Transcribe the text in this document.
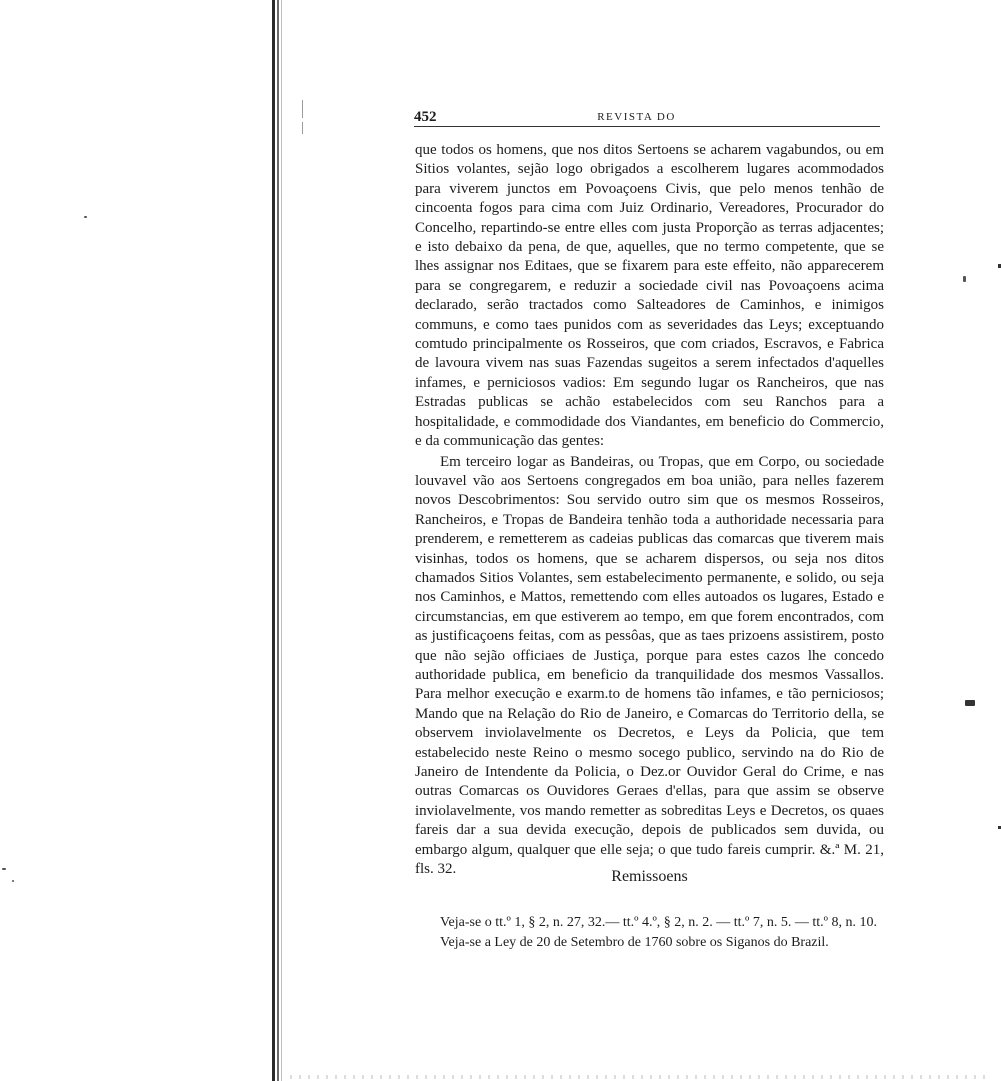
452	REVISTA DO

que todos os homens, que nos ditos Sertoens se acharem vagabundos, ou em Sitios volantes, sejão logo obrigados a escolherem lugares acommodados para viverem junctos em Povoaçoens Civis, que pelo menos tenhão de cincoenta fogos para cima com Juiz Ordinario, Vereadores, Procurador do Concelho, repartindo-se entre elles com justa Proporção as terras adjacentes; e isto debaixo da pena, de que, aquelles, que no termo competente, que se lhes assignar nos Editaes, que se fixarem para este effeito, não apparecerem para se congregarem, e reduzir a sociedade civil nas Povoaçoens acima declarado, serão tractados como Salteadores de Caminhos, e inimigos communs, e como taes punidos com as severidades das Leys; exceptuando comtudo principalmente os Rosseiros, que com criados, Escravos, e Fabrica de lavoura vivem nas suas Fazendas sugeitos a serem infectados d'aquelles infames, e perniciosos vadios: Em segundo lugar os Rancheiros, que nas Estradas publicas se achão estabelecidos com seu Ranchos para a hospitalidade, e commodidade dos Viandantes, em beneficio do Commercio, e da communicação das gentes:

Em terceiro logar as Bandeiras, ou Tropas, que em Corpo, ou sociedade louvavel vão aos Sertoens congregados em boa união, para nelles fazerem novos Descobrimentos: Sou servido outro sim que os mesmos Rosseiros, Rancheiros, e Tropas de Bandeira tenhão toda a authoridade necessaria para prenderem, e remetterem as cadeias publicas das comarcas que tiverem mais visinhas, todos os homens, que se acharem dispersos, ou seja nos ditos chamados Sitios Volantes, sem estabelecimento permanente, e solido, ou seja nos Caminhos, e Mattos, remettendo com elles autoados os lugares, Estado e circumstancias, em que estiverem ao tempo, em que forem encontrados, com as justificaçoens feitas, com as pessôas, que as taes prizoens assistirem, posto que não sejão officiaes de Justiça, porque para estes cazos lhe concedo authoridade publica, em beneficio da tranquilidade dos mesmos Vassallos. Para melhor execução e exarm.to de homens tão infames, e tão perniciosos; Mando que na Relação do Rio de Janeiro, e Comarcas do Territorio della, se observem inviolavelmente os Decretos, e Leys da Policia, que tem estabelecido neste Reino o mesmo socego publico, servindo na do Rio de Janeiro de Intendente da Policia, o Dez.or Ouvidor Geral do Crime, e nas outras Comarcas os Ouvidores Geraes d'ellas, para que assim se observe inviolavelmente, vos mando remetter as sobreditas Leys e Decretos, os quaes fareis dar a sua devida execução, depois de publicados sem duvida, ou embargo algum, qualquer que elle seja; o que tudo fareis cumprir. &.ª M. 21, fls. 32.	Remissoens

Veja-se o tt.º 1, § 2, n. 27, 32.— tt.º 4.º, § 2, n. 2. — tt.º 7, n. 5. — tt.º 8, n. 10.

Veja-se a Ley de 20 de Setembro de 1760 sobre os Siganos do Brazil.
